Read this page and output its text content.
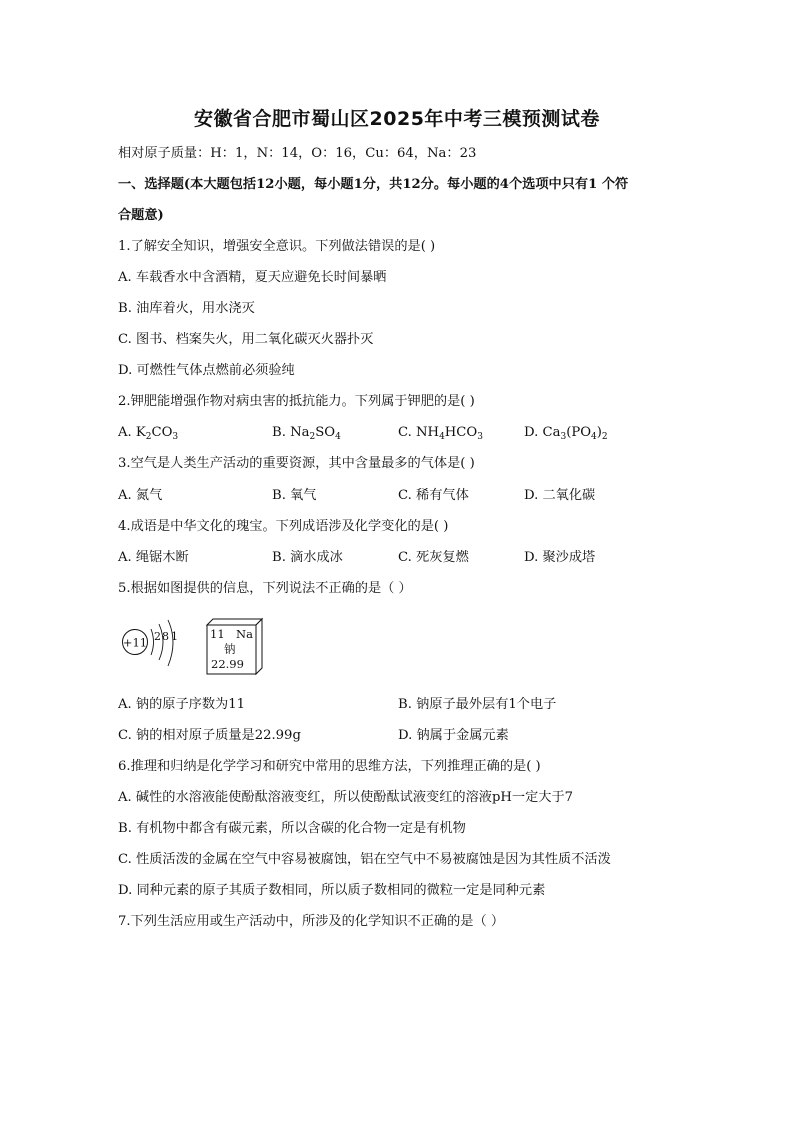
安徽省合肥市蜀山区2025年中考三模预测试卷
相对原子质量：H：1，N：14，O：16，Cu：64，Na：23
一、选择题(本大题包括12小题，每小题1分，共12分。每小题的4个选项中只有1 个符
合题意)
1.了解安全知识，增强安全意识。下列做法错误的是( )
A. 车载香水中含酒精，夏天应避免长时间暴晒
B. 油库着火，用水浇灭
C. 图书、档案失火，用二氧化碳灭火器扑灭
D. 可燃性气体点燃前必须验纯
2.钾肥能增强作物对病虫害的抵抗能力。下列属于钾肥的是( )
A. $K_2CO_3$	B. $Na_2SO_4$	C. $NH_4HCO_3$	D. $Ca_3(PO_4)_2$
3.空气是人类生产活动的重要资源，其中含量最多的气体是( )
A. 氮气	B. 氧气	C. 稀有气体	D. 二氧化碳
4.成语是中华文化的瑰宝。下列成语涉及化学变化的是( )
A. 绳锯木断	B. 滴水成冰	C. 死灰复燃	D. 聚沙成塔
5.根据如图提供的信息，下列说法不正确的是（ ）
+11 2 8 1	11 Na
钠
22.99
A. 钠的原子序数为11	B. 钠原子最外层有1个电子
C. 钠的相对原子质量是22.99g	D. 钠属于金属元素
6.推理和归纳是化学学习和研究中常用的思维方法，下列推理正确的是( )
A. 碱性的水溶液能使酚酞溶液变红，所以使酚酞试液变红的溶液pH一定大于7
B. 有机物中都含有碳元素，所以含碳的化合物一定是有机物
C. 性质活泼的金属在空气中容易被腐蚀，铝在空气中不易被腐蚀是因为其性质不活泼
D. 同种元素的原子其质子数相同，所以质子数相同的微粒一定是同种元素
7.下列生活应用或生产活动中，所涉及的化学知识不正确的是（ ）
